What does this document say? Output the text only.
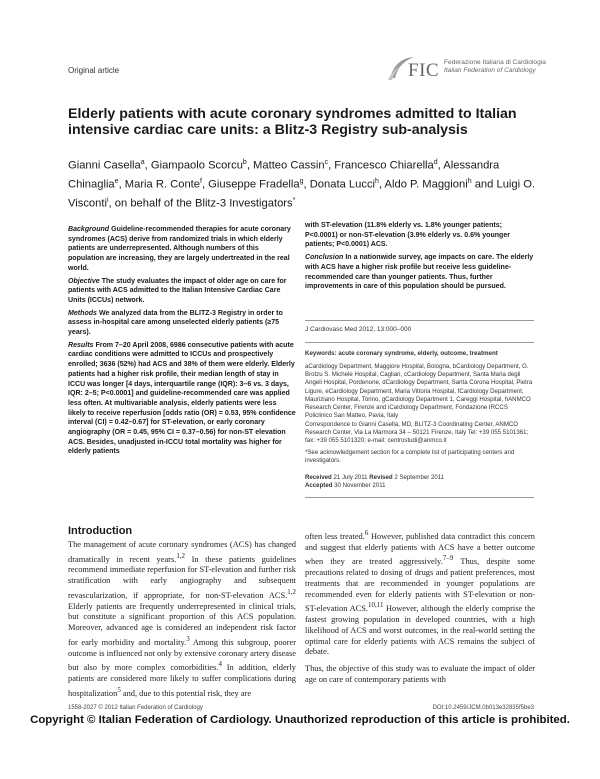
Original article	FIC Federazione Italiana di Cardiologia
Italian Federation of Cardiology
Elderly patients with acute coronary syndromes admitted to Italian intensive cardiac care units: a Blitz-3 Registry sub-analysis
Gianni Casella$^a$, Giampaolo Scorcu$^b$, Matteo Cassin$^c$, Francesco Chiarella$^d$, Alessandra Chinaglia$^e$, Maria R. Conte$^f$, Giuseppe Fradella$^g$, Donata Lucci$^h$, Aldo P. Maggioni$^h$ and Luigi O. Visconti$^i$, on behalf of the Blitz-3 Investigators*

Background Guideline-recommended therapies for acute coronary syndromes (ACS) derive from randomized trials in which elderly patients are underrepresented. Although numbers of this population are increasing, they are largely undertreated in the real world.

Objective The study evaluates the impact of older age on care for patients with ACS admitted to the Italian Intensive Cardiac Care Units (ICCUs) network.

Methods We analyzed data from the BLITZ-3 Registry in order to assess in-hospital care among unselected elderly patients (≥75 years).

Results From 7–20 April 2008, 6986 consecutive patients with acute cardiac conditions were admitted to ICCUs and prospectively enrolled; 3636 (52%) had ACS and 38% of them were elderly. Elderly patients had a higher risk profile, their median length of stay in ICCU was longer [4 days, interquartile range (IQR): 3–6 vs. 3 days, IQR: 2–5; P<0.0001] and guideline-recommended care was applied less often. At multivariable analysis, elderly patients were less likely to receive reperfusion [odds ratio (OR) = 0.53, 95% confidence interval (CI) = 0.42–0.67] for ST-elevation, or early coronary angiography (OR = 0.45, 95% CI = 0.37–0.56) for non-ST elevation ACS. Besides, unadjusted in-ICCU total mortality was higher for elderly patients

with ST-elevation (11.8% elderly vs. 1.8% younger patients; P<0.0001) or non-ST-elevation (3.9% elderly vs. 0.6% younger patients; P<0.0001) ACS.

Conclusion In a nationwide survey, age impacts on care. The elderly with ACS have a higher risk profile but receive less guideline-recommended care than younger patients. Thus, further improvements in care of this population should be pursued.

J Cardiovasc Med 2012, 13:000–000
Keywords: acute coronary syndrome, elderly, outcome, treatment
aCardiology Department, Maggiore Hospital, Bologna, bCardiology Department, G. Brotzu S. Michele Hospital, Cagliari, cCardiology Department, Santa Maria degli Angeli Hospital, Pordenone, dCardiology Department, Santa Corona Hospital, Pietra Ligure, eCardiology Department, Maria Vittoria Hospital, fCardiology Department, Mauriziano Hospital, Torino, gCardiology Department 1, Careggi Hospital, hANMCO Research Center, Firenze and iCardiology Department, Fondazione IRCCS Policlinico San Matteo, Pavia, Italy
Correspondence to Gianni Casella, MD, BLITZ-3 Coordinating Center, ANMCO Research Center, Via La Marmora 34 – 50121 Firenze, Italy Tel: +39 055 5101361; fax: +39 055 5101320; e-mail: centrostudi@anmco.it
*See acknowledgement section for a complete list of participating centers and investigators.
Received 21 July 2011 Revised 2 September 2011
Accepted 30 November 2011
Introduction

The management of acute coronary syndromes (ACS) has changed dramatically in recent years.$^{1,2}$ In these patients guidelines recommend immediate reperfusion for ST-elevation and further risk stratification with early angiography and subsequent revascularization, if appropriate, for non-ST-elevation ACS.$^{1,2}$ Elderly patients are frequently underrepresented in clinical trials, but constitute a significant proportion of this ACS population. Moreover, advanced age is considered an independent risk factor for early morbidity and mortality.$^3$ Among this subgroup, poorer outcome is influenced not only by extensive coronary artery disease but also by more complex comorbidities.$^4$ In addition, elderly patients are considered more likely to suffer complications during hospitalization$^5$ and, due to this potential risk, they are

often less treated.$^6$ However, published data contradict this concern and suggest that elderly patients with ACS have a better outcome when they are treated aggressively.$^{7-9}$ Thus, despite some precautions related to dosing of drugs and patient preferences, most treatments that are recommended in younger populations are recommended even for elderly patients with ST-elevation or non-ST-elevation ACS.$^{10,11}$ However, although the elderly comprise the fastest growing population in developed countries, with a high likelihood of ACS and worst outcomes, in the real-world setting the optimal care for elderly patients with ACS remains the subject of debate.

Thus, the objective of this study was to evaluate the impact of older age on care of contemporary patients with

1558-2027 © 2012 Italian Federation of Cardiology	DOI:10.2459/JCM.0b013e32835f5be3
Copyright © Italian Federation of Cardiology. Unauthorized reproduction of this article is prohibited.
